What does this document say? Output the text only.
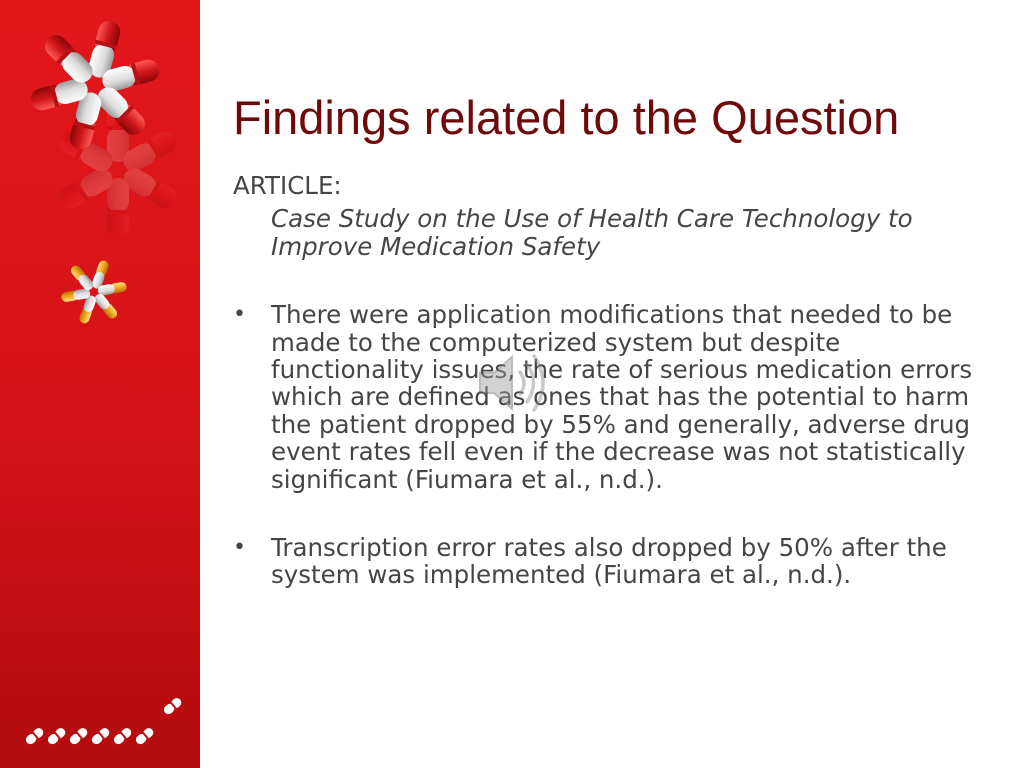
Findings related to the Question

ARTICLE:

Case Study on the Use of Health Care Technology to Improve Medication Safety

• There were application modifications that needed to be made to the computerized system but despite functionality issues, the rate of serious medication errors which are defined as ones that has the potential to harm the patient dropped by 55% and generally, adverse drug event rates fell even if the decrease was not statistically significant (Fiumara et al., n.d.).
• Transcription error rates also dropped by 50% after the system was implemented (Fiumara et al., n.d.).
